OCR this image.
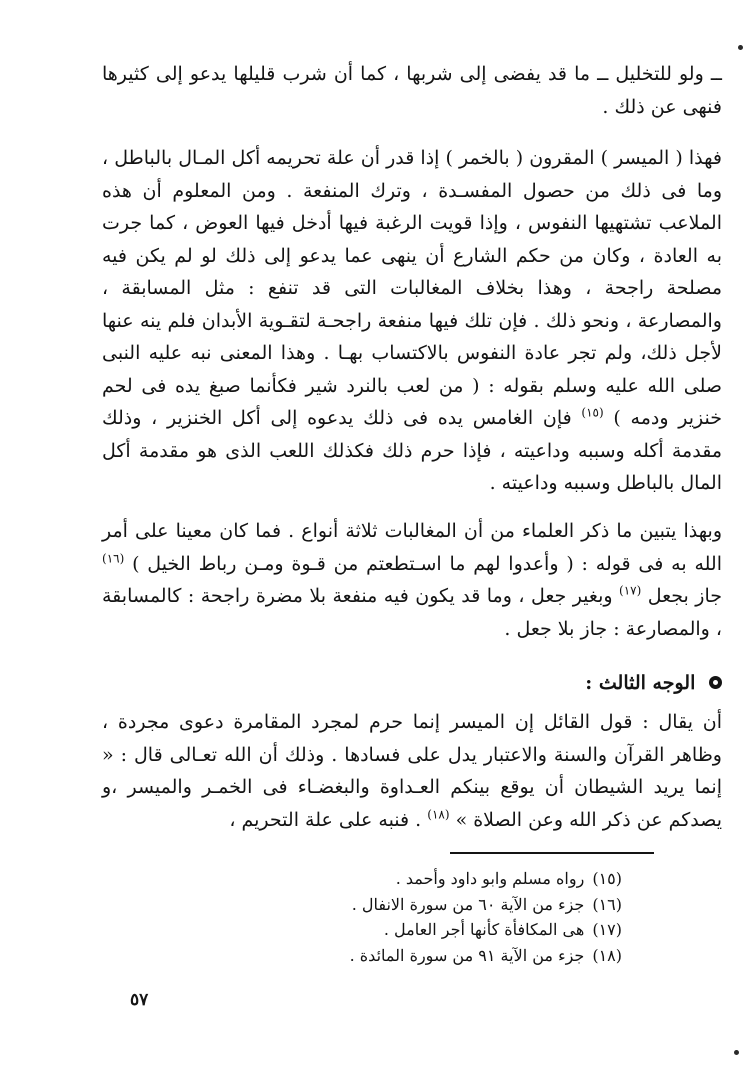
ــ ولو للتخليل ــ ما قد يفضى إلى شربها ، كما أن شرب قليلها يدعو إلى كثيرها فنهى عن ذلك .

فهذا ( الميسر ) المقرون ( بالخمر ) إذا قدر أن علة تحريمه أكل المـال بالباطل ، وما فى ذلك من حصول المفسـدة ، وترك المنفعة . ومن المعلوم أن هذه الملاعب تشتهيها النفوس ، وإذا قويت الرغبة فيها أدخل فيها العوض ، كما جرت به العادة ، وكان من حكم الشارع أن ينهى عما يدعو إلى ذلك لو لم يكن فيه مصلحة راجحة ، وهذا بخلاف المغالبات التى قد تنفع : مثل المسابقة ، والمصارعة ، ونحو ذلك . فإن تلك فيها منفعة راجحـة لتقـوية الأبدان فلم ينه عنها لأجل ذلك، ولم تجر عادة النفوس بالاكتساب بهـا . وهذا المعنى نبه عليه النبى صلى الله عليه وسلم بقوله : ( من لعب بالنرد شير فكأنما صبغ يده فى لحم خنزير ودمه ) $^{(١٥)}$ فإن الغامس يده فى ذلك يدعوه إلى أكل الخنزير ، وذلك مقدمة أكله وسببه وداعيته ، فإذا حرم ذلك فكذلك اللعب الذى هو مقدمة أكل المال بالباطل وسببه وداعيته .

وبهذا يتبين ما ذكر العلماء من أن المغالبات ثلاثة أنواع . فما كان معينا على أمر الله به فى قوله : ( وأعدوا لهم ما اسـتطعتم من قـوة ومـن رباط الخيل ) $^{(١٦)}$ جاز بجعل $^{(١٧)}$ وبغير جعل ، وما قد يكون فيه منفعة بلا مضرة راجحة : كالمسابقة ، والمصارعة : جاز بلا جعل .

الوجه الثالث :

أن يقال : قول القائل إن الميسر إنما حرم لمجرد المقامرة دعوى مجردة ، وظاهر القرآن والسنة والاعتبار يدل على فسادها . وذلك أن الله تعـالى قال : « إنما يريد الشيطان أن يوقع بينكم العـداوة والبغضـاء فى الخمـر والميسر ،و يصدكم عن ذكر الله وعن الصلاة » $^{(١٨)}$ . فنبه على علة التحريم ،

(١٥)رواه مسلم وابو داود وأحمد .
(١٦)جزء من الآية ٦٠ من سورة الانفال .
(١٧)هى المكافأة كأنها أجر العامل .
(١٨)جزء من الآية ٩١ من سورة المائدة .
٥٧
